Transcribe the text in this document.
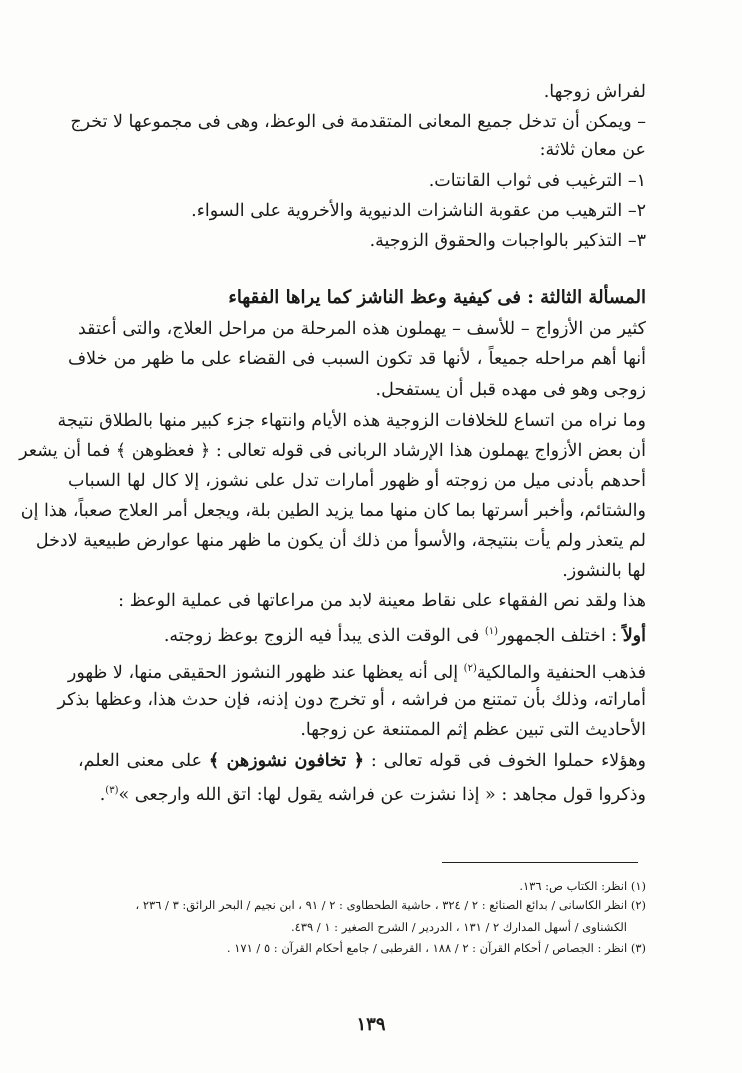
لفراش زوجها.
– ويمكن أن تدخل جميع المعانى المتقدمة فى الوعظ، وهى فى مجموعها لا تخرج
عن معان ثلاثة:
١– الترغيب فى ثواب القانتات.
٢– الترهيب من عقوبة الناشزات الدنيوية والأخروية على السواء.
٣– التذكير بالواجبات والحقوق الزوجية.
المسألة الثالثة : فى كيفية وعظ الناشز كما يراها الفقهاء
كثير من الأزواج – للأسف – يهملون هذه المرحلة من مراحل العلاج، والتى أعتقد
أنها أهم مراحله جميعاً ، لأنها قد تكون السبب فى القضاء على ما ظهر من خلاف
زوجى وهو فى مهده قبل أن يستفحل.
وما نراه من اتساع للخلافات الزوجية هذه الأيام وانتهاء جزء كبير منها بالطلاق نتيجة
أن بعض الأزواج يهملون هذا الإرشاد الربانى فى قوله تعالى : ﴿ فعظوهن ﴾ فما أن يشعر
أحدهم بأدنى ميل من زوجته أو ظهور أمارات تدل على نشوز، إلا كال لها السباب
والشتائم، وأخبر أسرتها بما كان منها مما يزيد الطين بلة، ويجعل أمر العلاج صعباً، هذا إن
لم يتعذر ولم يأت بنتيجة، والأسوأ من ذلك أن يكون ما ظهر منها عوارض طبيعية لادخل
لها بالنشوز.
هذا ولقد نص الفقهاء على نقاط معينة لابد من مراعاتها فى عملية الوعظ :
أولاً : اختلف الجمهور$^{(١)}$ فى الوقت الذى يبدأ فيه الزوج بوعظ زوجته.
فذهب الحنفية والمالكية$^{(٢)}$ إلى أنه يعظها عند ظهور النشوز الحقيقى منها، لا ظهور
أماراته، وذلك بأن تمتنع من فراشه ، أو تخرج دون إذنه، فإن حدث هذا، وعظها بذكر
الأحاديث التى تبين عظم إثم الممتنعة عن زوجها.
وهؤلاء حملوا الخوف فى قوله تعالى : ﴿ تخافون نشوزهن ﴾ على معنى العلم،
وذكروا قول مجاهد : « إذا نشزت عن فراشه يقول لها: اتق الله وارجعى »$^{(٣)}$.
(١) انظر: الكتاب ص: ١٣٦.
(٢) انظر الكاسانى / بدائع الصنائع : ٢ / ٣٢٤ ، حاشية الطحطاوى : ٢ / ٩١ ، ابن نجيم / البحر الرائق: ٣ / ٢٣٦ ،
الكشناوى / أسهل المدارك ٢ / ١٣١ ، الدردير / الشرح الصغير : ١ / ٤٣٩.
(٣) انظر : الجصاص / أحكام القرآن : ٢ / ١٨٨ ، القرطبى / جامع أحكام القرآن : ٥ / ١٧١ .
١٣٩
